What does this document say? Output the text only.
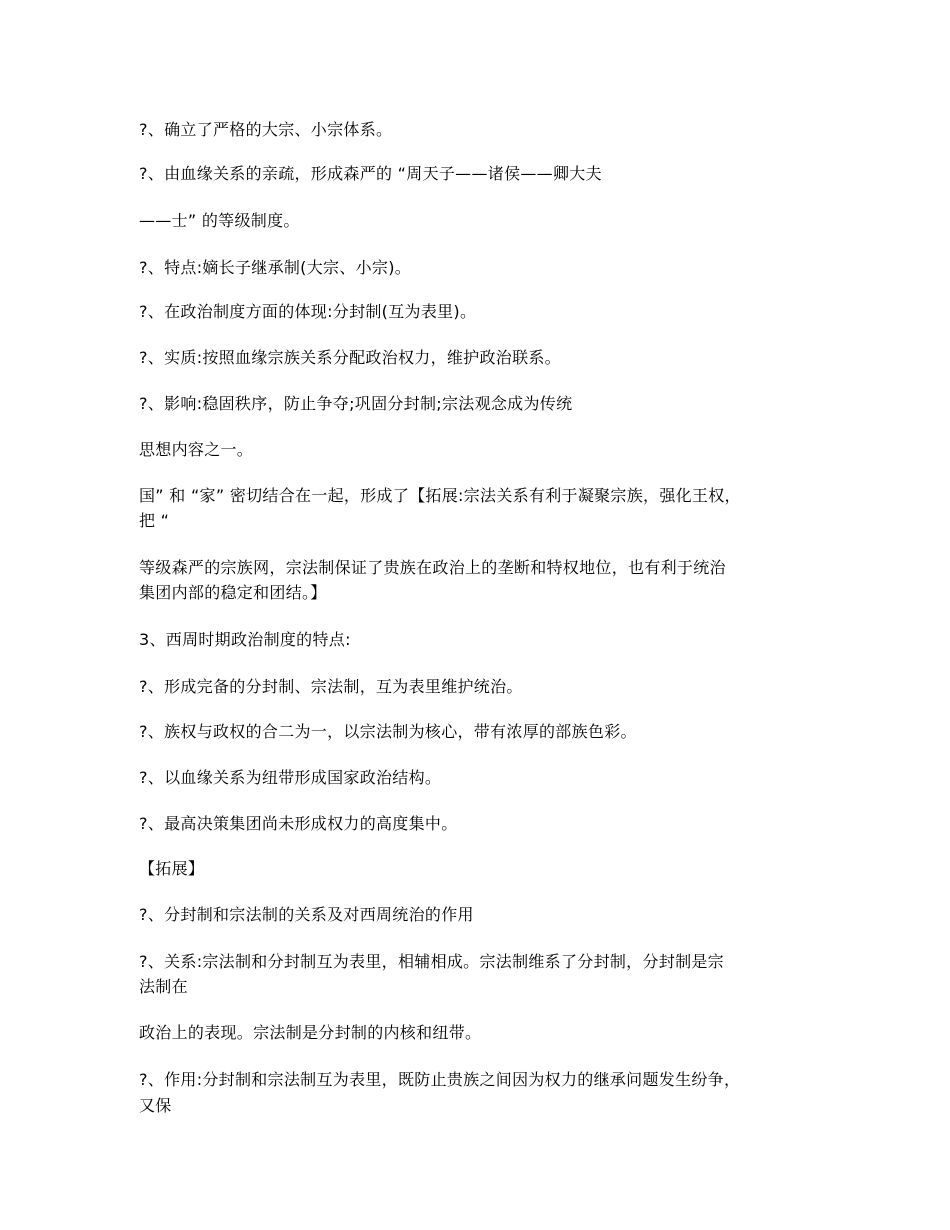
?、确立了严格的大宗、小宗体系。
?、由血缘关系的亲疏，形成森严的 “周天子——诸侯——卿大夫
——士” 的等级制度。
?、特点:嫡长子继承制(大宗、小宗)。
?、在政治制度方面的体现:分封制(互为表里)。
?、实质:按照血缘宗族关系分配政治权力，维护政治联系。
?、影响:稳固秩序，防止争夺;巩固分封制;宗法观念成为传统
思想内容之一。
国” 和 “家” 密切结合在一起，形成了【拓展:宗法关系有利于凝聚宗族，强化王权，
把 “
等级森严的宗族网，宗法制保证了贵族在政治上的垄断和特权地位，也有利于统治
集团内部的稳定和团结。】
3、西周时期政治制度的特点:
?、形成完备的分封制、宗法制，互为表里维护统治。
?、族权与政权的合二为一，以宗法制为核心，带有浓厚的部族色彩。
?、以血缘关系为纽带形成国家政治结构。
?、最高决策集团尚未形成权力的高度集中。
【拓展】
?、分封制和宗法制的关系及对西周统治的作用
?、关系:宗法制和分封制互为表里，相辅相成。宗法制维系了分封制，分封制是宗
法制在
政治上的表现。宗法制是分封制的内核和纽带。
?、作用:分封制和宗法制互为表里，既防止贵族之间因为权力的继承问题发生纷争，
又保
